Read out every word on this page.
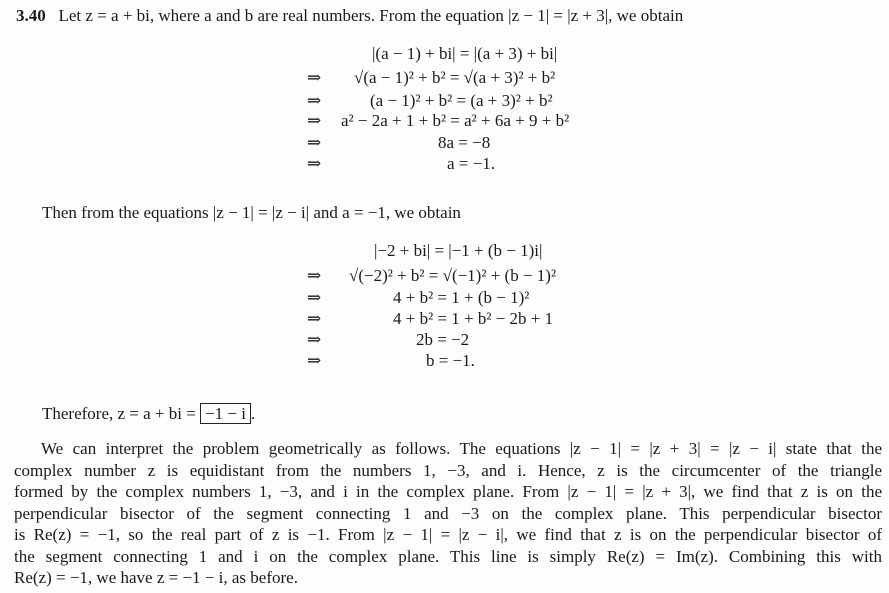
3.40 Let z = a + bi, where a and b are real numbers. From the equation |z − 1| = |z + 3|, we obtain
|(a − 1) + bi| = |(a + 3) + bi|
⇒ √(a − 1)² + b² = √(a + 3)² + b²
⇒	(a − 1)² + b² = (a + 3)² + b²
⇒ a² − 2a + 1 + b² = a² + 6a + 9 + b²
⇒	8a = −8
⇒	a = −1.
Then from the equations |z − 1| = |z − i| and a = −1, we obtain
|−2 + bi| = |−1 + (b − 1)i|
⇒ √(−2)² + b² = √(−1)² + (b − 1)²
⇒	4 + b² = 1 + (b − 1)²
⇒	4 + b² = 1 + b² − 2b + 1
⇒	2b = −2
⇒	b = −1.
Therefore, z = a + bi = −1 − i .
We can interpret the problem geometrically as follows. The equations |z − 1| = |z + 3| = |z − i| state that the
complex number z is equidistant from the numbers 1, −3, and i. Hence, z is the circumcenter of the triangle
formed by the complex numbers 1, −3, and i in the complex plane. From |z − 1| = |z + 3|, we find that z is on the
perpendicular bisector of the segment connecting 1 and −3 on the complex plane. This perpendicular bisector
is Re(z) = −1, so the real part of z is −1. From |z − 1| = |z − i|, we find that z is on the perpendicular bisector of
the segment connecting 1 and i on the complex plane. This line is simply Re(z) = Im(z). Combining this with
Re(z) = −1, we have z = −1 − i, as before.
